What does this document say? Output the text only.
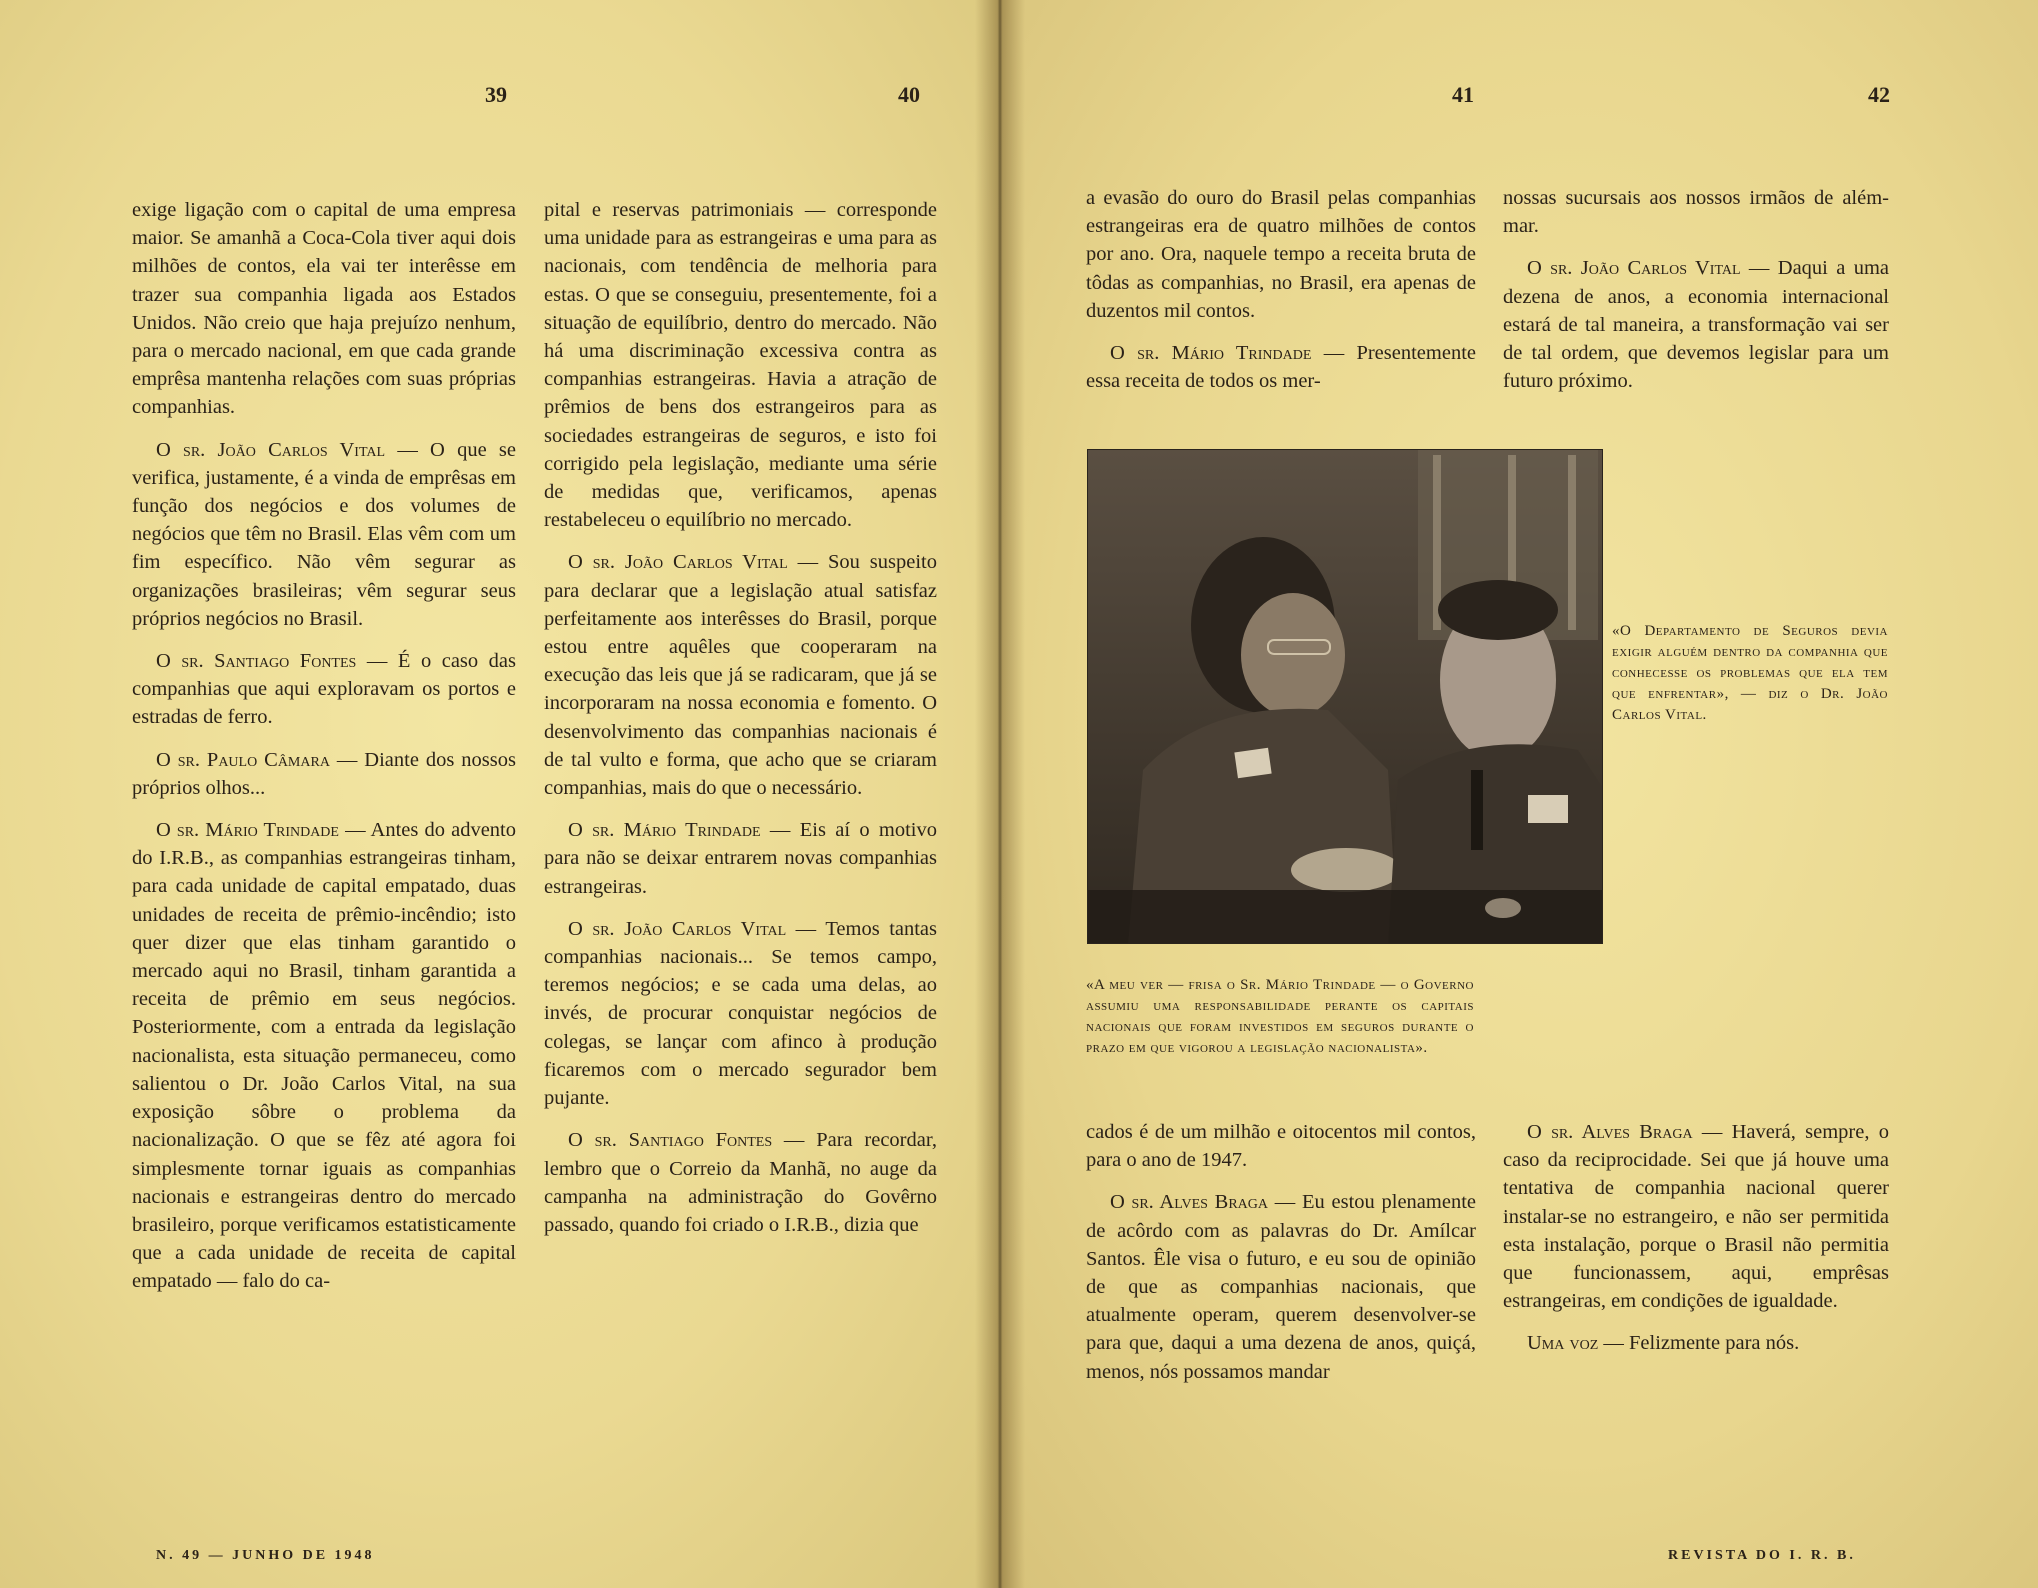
39	40

exige ligação com o capital de uma empresa maior. Se amanhã a Coca-Cola tiver aqui dois milhões de contos, ela vai ter interêsse em trazer sua companhia ligada aos Estados Unidos. Não creio que haja prejuízo nenhum, para o mercado nacional, em que cada grande emprêsa mantenha relações com suas próprias companhias.

O sr. João Carlos Vital — O que se verifica, justamente, é a vinda de emprêsas em função dos negócios e dos volumes de negócios que têm no Brasil. Elas vêm com um fim específico. Não vêm segurar as organizações brasileiras; vêm segurar seus próprios negócios no Brasil.

O sr. Santiago Fontes — É o caso das companhias que aqui exploravam os portos e estradas de ferro.

O sr. Paulo Câmara — Diante dos nossos próprios olhos...

O sr. Mário Trindade — Antes do advento do I.R.B., as companhias estrangeiras tinham, para cada unidade de capital empatado, duas unidades de receita de prêmio-incêndio; isto quer dizer que elas tinham garantido o mercado aqui no Brasil, tinham garantida a receita de prêmio em seus negócios. Posteriormente, com a entrada da legislação nacionalista, esta situação permaneceu, como salientou o Dr. João Carlos Vital, na sua exposição sôbre o problema da nacionalização. O que se fêz até agora foi simplesmente tornar iguais as companhias nacionais e estrangeiras dentro do mercado brasileiro, porque verificamos estatisticamente que a cada unidade de receita de capital empatado — falo do ca-

pital e reservas patrimoniais — corresponde uma unidade para as estrangeiras e uma para as nacionais, com tendência de melhoria para estas. O que se conseguiu, presentemente, foi a situação de equilíbrio, dentro do mercado. Não há uma discriminação excessiva contra as companhias estrangeiras. Havia a atração de prêmios de bens dos estrangeiros para as sociedades estrangeiras de seguros, e isto foi corrigido pela legislação, mediante uma série de medidas que, verificamos, apenas restabeleceu o equilíbrio no mercado.

O sr. João Carlos Vital — Sou suspeito para declarar que a legislação atual satisfaz perfeitamente aos interêsses do Brasil, porque estou entre aquêles que cooperaram na execução das leis que já se radicaram, que já se incorporaram na nossa economia e fomento. O desenvolvimento das companhias nacionais é de tal vulto e forma, que acho que se criaram companhias, mais do que o necessário.

O sr. Mário Trindade — Eis aí o motivo para não se deixar entrarem novas companhias estrangeiras.

O sr. João Carlos Vital — Temos tantas companhias nacionais... Se temos campo, teremos negócios; e se cada uma delas, ao invés, de procurar conquistar negócios de colegas, se lançar com afinco à produção ficaremos com o mercado segurador bem pujante.

O sr. Santiago Fontes — Para recordar, lembro que o Correio da Manhã, no auge da campanha na administração do Govêrno passado, quando foi criado o I.R.B., dizia que

N. 49 — JUNHO DE 1948
41	42

a evasão do ouro do Brasil pelas companhias estrangeiras era de quatro milhões de contos por ano. Ora, naquele tempo a receita bruta de tôdas as companhias, no Brasil, era apenas de duzentos mil contos.

O sr. Mário Trindade — Presentemente essa receita de todos os mer-

nossas sucursais aos nossos irmãos de além-mar.

O sr. João Carlos Vital — Daqui a uma dezena de anos, a economia internacional estará de tal maneira, a transformação vai ser de tal ordem, que devemos legislar para um futuro próximo.

«O Departamento de Seguros devia exigir alguém dentro da companhia que conhecesse os problemas que ela tem que enfrentar», — diz o Dr. João Carlos Vital.
«A meu ver — frisa o Sr. Mário Trindade — o Governo assumiu uma responsabilidade perante os capitais nacionais que foram investidos em seguros durante o prazo em que vigorou a legislação nacionalista».

cados é de um milhão e oitocentos mil contos, para o ano de 1947.

O sr. Alves Braga — Eu estou plenamente de acôrdo com as palavras do Dr. Amílcar Santos. Êle visa o futuro, e eu sou de opinião de que as companhias nacionais, que atualmente operam, querem desenvolver-se para que, daqui a uma dezena de anos, quiçá, menos, nós possamos mandar

O sr. Alves Braga — Haverá, sempre, o caso da reciprocidade. Sei que já houve uma tentativa de companhia nacional querer instalar-se no estrangeiro, e não ser permitida esta instalação, porque o Brasil não permitia que funcionassem, aqui, emprêsas estrangeiras, em condições de igualdade.

Uma voz — Felizmente para nós.

REVISTA DO I. R. B.
